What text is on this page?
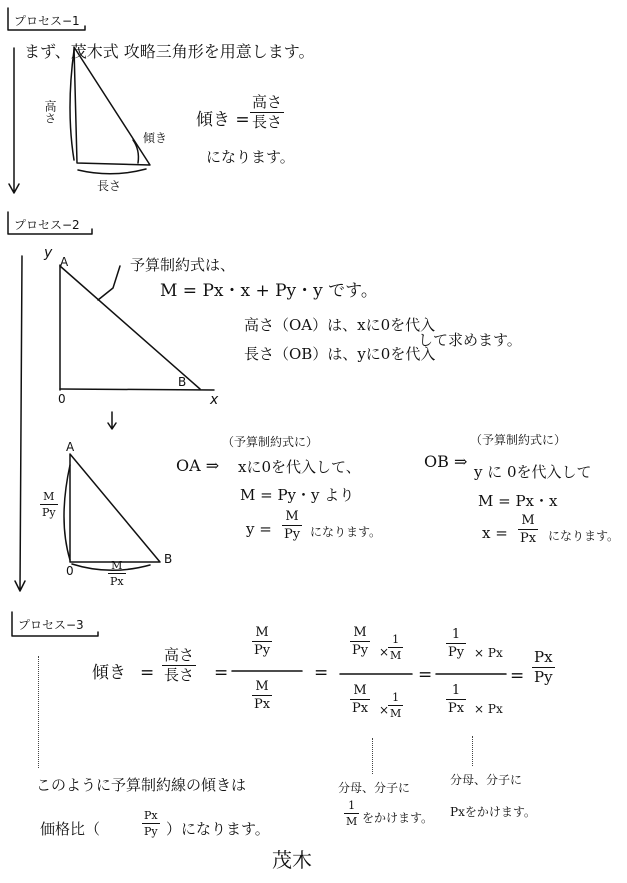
プロセス−1
まず、茂木式 攻略三角形を用意します。
高さ
長さ
傾き
傾き =
高さ
長さ
になります。
プロセス−2
y
A
0
B
x
予算制約式は、
M = Px・x + Py・y です。
高さ（OA）は、xに0を代入
長さ（OB）は、yに0を代入
して求めます。
A
B
0
M
Py
M
Px
OA ⇒
（予算制約式に）
xに0を代入して、
M = Py・y より
y =
M
Py になります。
OB ⇒
（予算制約式に）
y に 0を代入して
M = Px・x
x =
M
Px になります。
プロセス−3
傾き =
高さ
長さ =
M
Py
M
Px
=
M
Py ×
1
M
M
Px ×
1
M
=
1
Py × Px
1
Px × Px
=
Px
Py
分母、分子に
1
M をかけます。
分母、分子に
Pxをかけます。
このように予算制約線の傾きは
価格比（
Px
Py ）になります。
茂木
